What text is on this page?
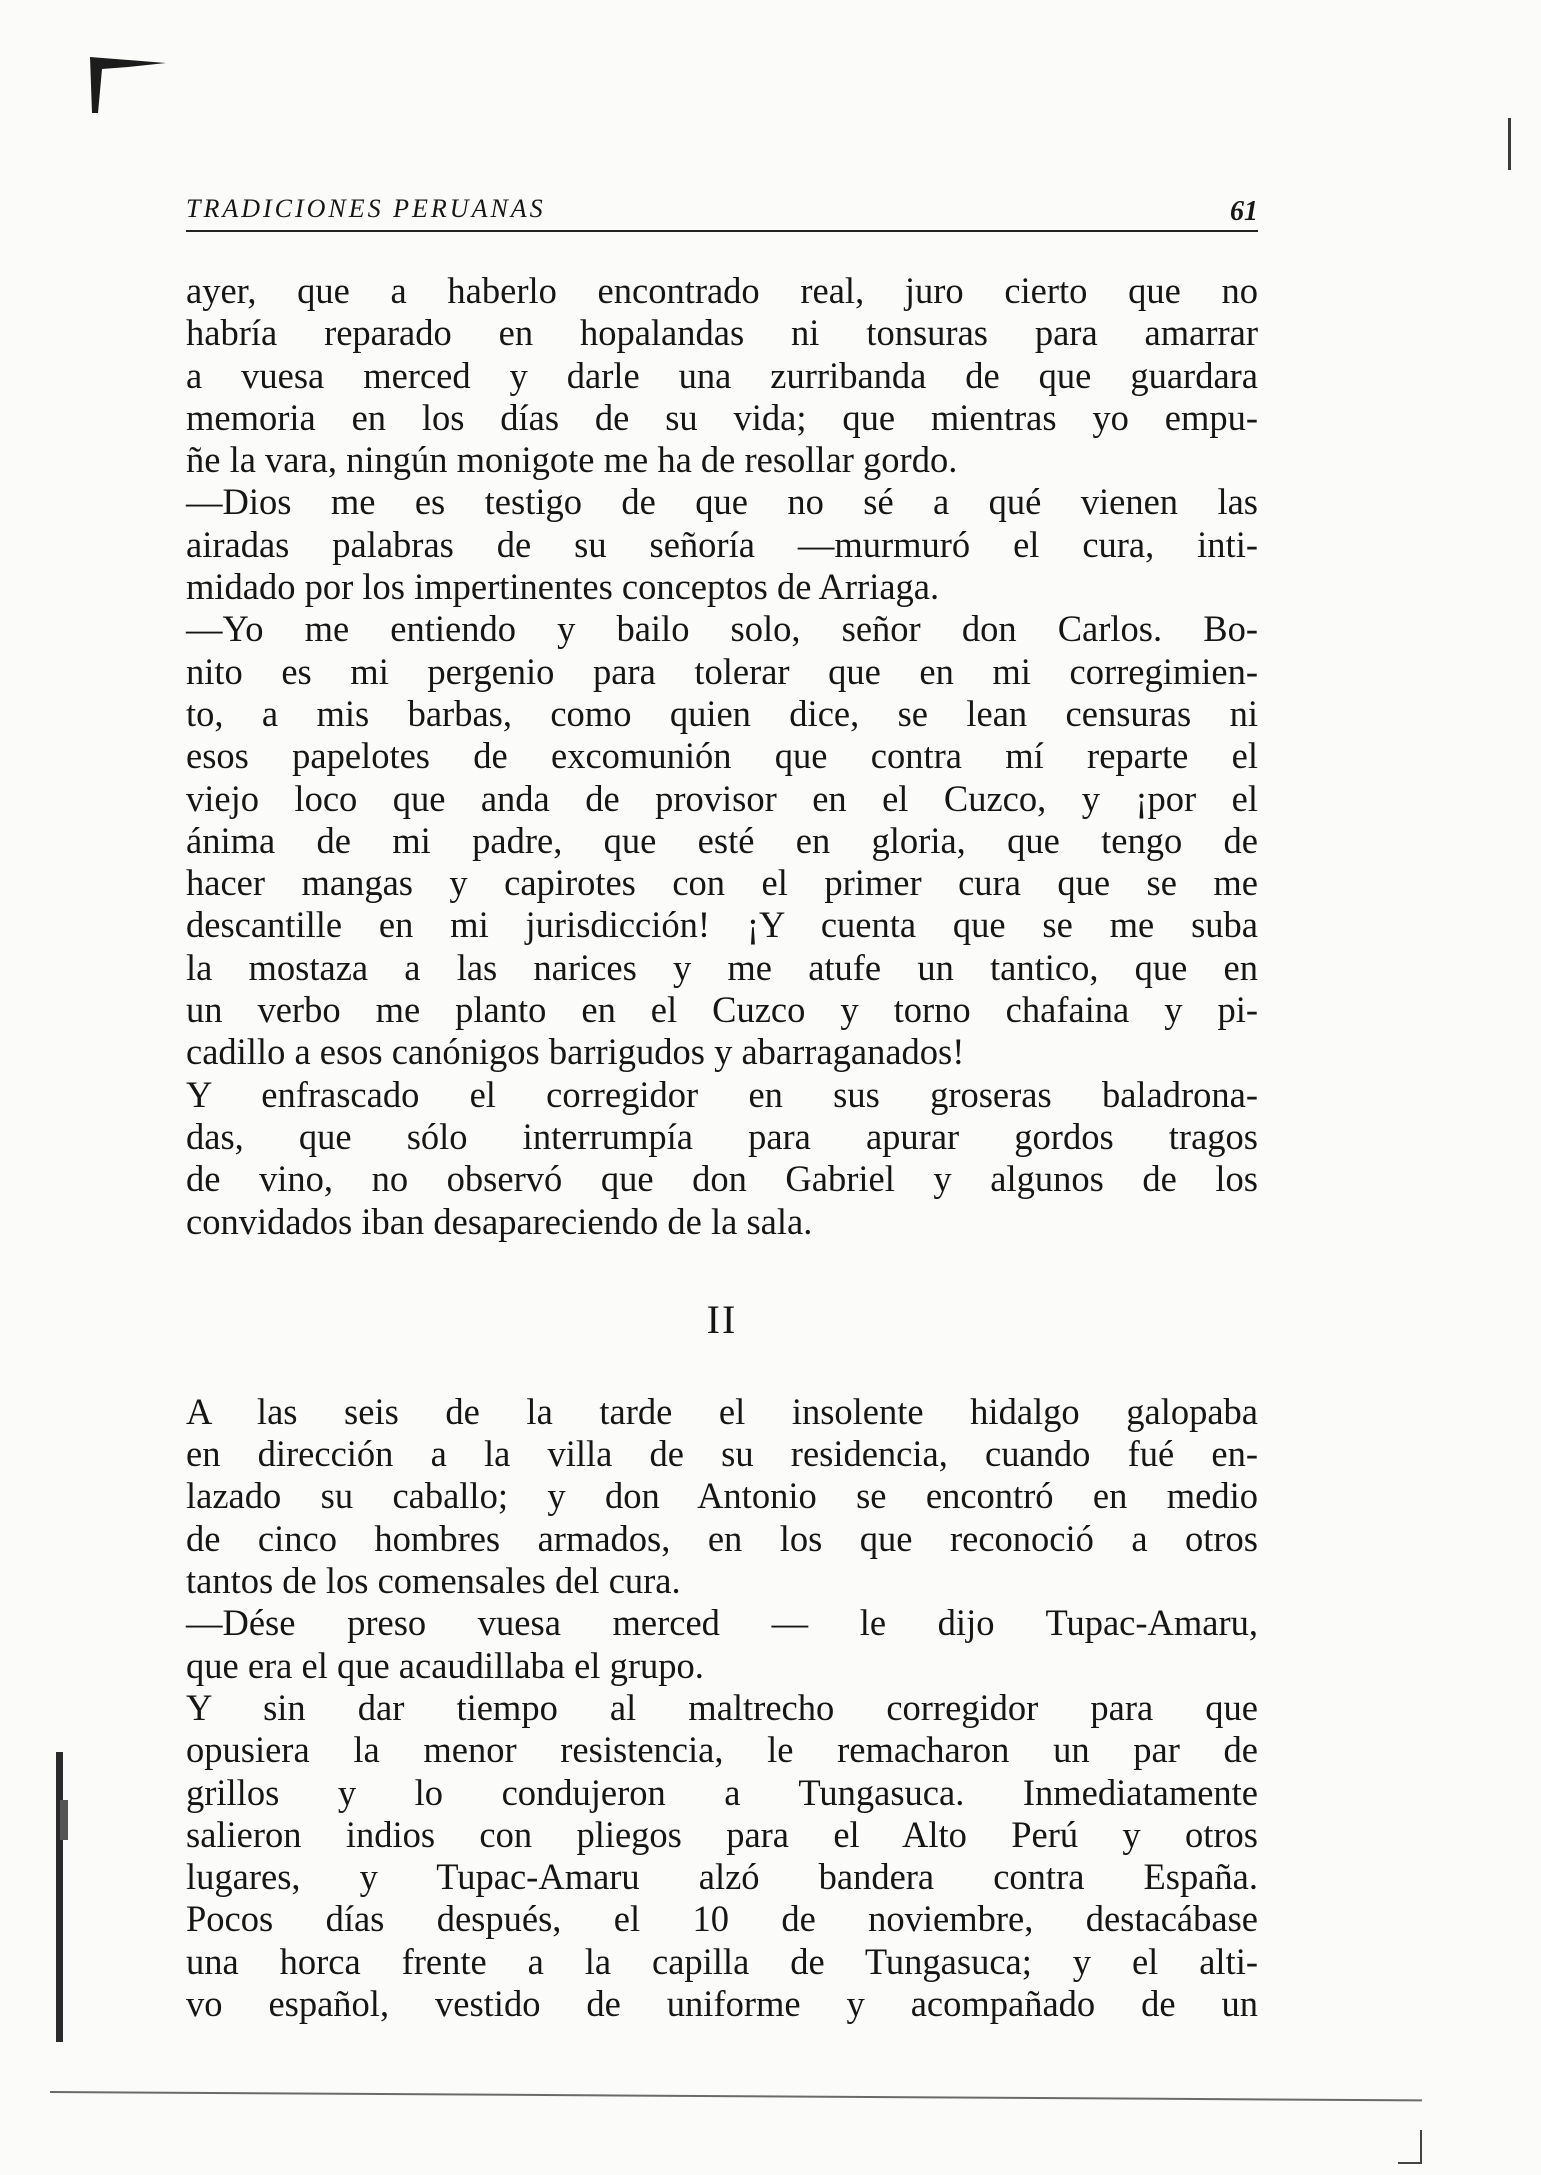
TRADICIONES PERUANAS	61
ayer, que a haberlo encontrado real, juro cierto que no
habría reparado en hopalandas ni tonsuras para amarrar
a vuesa merced y darle una zurribanda de que guardara
memoria en los días de su vida; que mientras yo empu-
ñe la vara, ningún monigote me ha de resollar gordo.
—Dios me es testigo de que no sé a qué vienen las
airadas palabras de su señoría —murmuró el cura, inti-
midado por los impertinentes conceptos de Arriaga.
—Yo me entiendo y bailo solo, señor don Carlos. Bo-
nito es mi pergenio para tolerar que en mi corregimien-
to, a mis barbas, como quien dice, se lean censuras ni
esos papelotes de excomunión que contra mí reparte el
viejo loco que anda de provisor en el Cuzco, y ¡por el
ánima de mi padre, que esté en gloria, que tengo de
hacer mangas y capirotes con el primer cura que se me
descantille en mi jurisdicción! ¡Y cuenta que se me suba
la mostaza a las narices y me atufe un tantico, que en
un verbo me planto en el Cuzco y torno chafaina y pi-
cadillo a esos canónigos barrigudos y abarraganados!
Y enfrascado el corregidor en sus groseras baladrona-
das, que sólo interrumpía para apurar gordos tragos
de vino, no observó que don Gabriel y algunos de los
convidados iban desapareciendo de la sala.
II
A las seis de la tarde el insolente hidalgo galopaba
en dirección a la villa de su residencia, cuando fué en-
lazado su caballo; y don Antonio se encontró en medio
de cinco hombres armados, en los que reconoció a otros
tantos de los comensales del cura.
—Dése preso vuesa merced — le dijo Tupac-Amaru,
que era el que acaudillaba el grupo.
Y sin dar tiempo al maltrecho corregidor para que
opusiera la menor resistencia, le remacharon un par de
grillos y lo condujeron a Tungasuca. Inmediatamente
salieron indios con pliegos para el Alto Perú y otros
lugares, y Tupac-Amaru alzó bandera contra España.
Pocos días después, el 10 de noviembre, destacábase
una horca frente a la capilla de Tungasuca; y el alti-
vo español, vestido de uniforme y acompañado de un
